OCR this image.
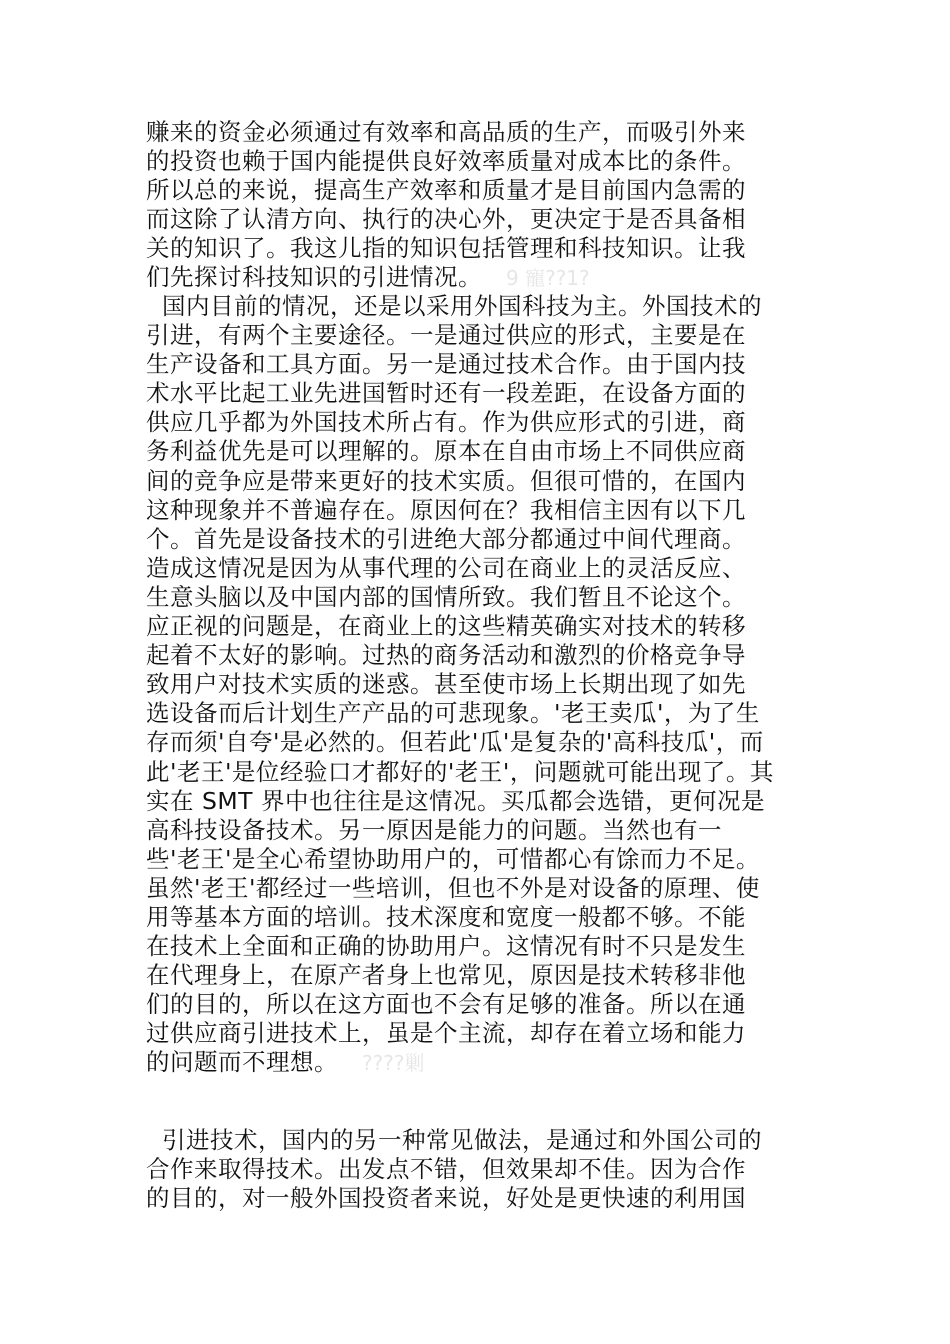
赚来的资金必须通过有效率和高品质的生产，而吸引外来
的投资也赖于国内能提供良好效率质量对成本比的条件。
所以总的来说，提高生产效率和质量才是目前国内急需的
而这除了认清方向、执行的决心外，更决定于是否具备相
关的知识了。我这儿指的知识包括管理和科技知识。让我
们先探讨科技知识的引进情况。 9 寵??1?
国内目前的情况，还是以采用外国科技为主。外国技术的
引进，有两个主要途径。一是通过供应的形式，主要是在
生产设备和工具方面。另一是通过技术合作。由于国内技
术水平比起工业先进国暂时还有一段差距，在设备方面的
供应几乎都为外国技术所占有。作为供应形式的引进，商
务利益优先是可以理解的。原本在自由市场上不同供应商
间的竞争应是带来更好的技术实质。但很可惜的，在国内
这种现象并不普遍存在。原因何在？我相信主因有以下几
个。首先是设备技术的引进绝大部分都通过中间代理商。
造成这情况是因为从事代理的公司在商业上的灵活反应、
生意头脑以及中国内部的国情所致。我们暂且不论这个。
应正视的问题是，在商业上的这些精英确实对技术的转移
起着不太好的影响。过热的商务活动和激烈的价格竞争导
致用户对技术实质的迷惑。甚至使市场上长期出现了如先
选设备而后计划生产产品的可悲现象。'老王卖瓜'，为了生
存而须'自夸'是必然的。但若此'瓜'是复杂的'高科技瓜'，而
此'老王'是位经验口才都好的'老王'，问题就可能出现了。其
实在 SMT 界中也往往是这情况。买瓜都会选错，更何况是
高科技设备技术。另一原因是能力的问题。当然也有一
些'老王'是全心希望协助用户的，可惜都心有馀而力不足。
虽然'老王'都经过一些培训，但也不外是对设备的原理、使
用等基本方面的培训。技术深度和宽度一般都不够。不能
在技术上全面和正确的协助用户。这情况有时不只是发生
在代理身上，在原产者身上也常见，原因是技术转移非他
们的目的，所以在这方面也不会有足够的准备。所以在通
过供应商引进技术上，虽是个主流，却存在着立场和能力
的问题而不理想。 ????剿
引进技术，国内的另一种常见做法，是通过和外国公司的
合作来取得技术。出发点不错，但效果却不佳。因为合作
的目的，对一般外国投资者来说，好处是更快速的利用国
